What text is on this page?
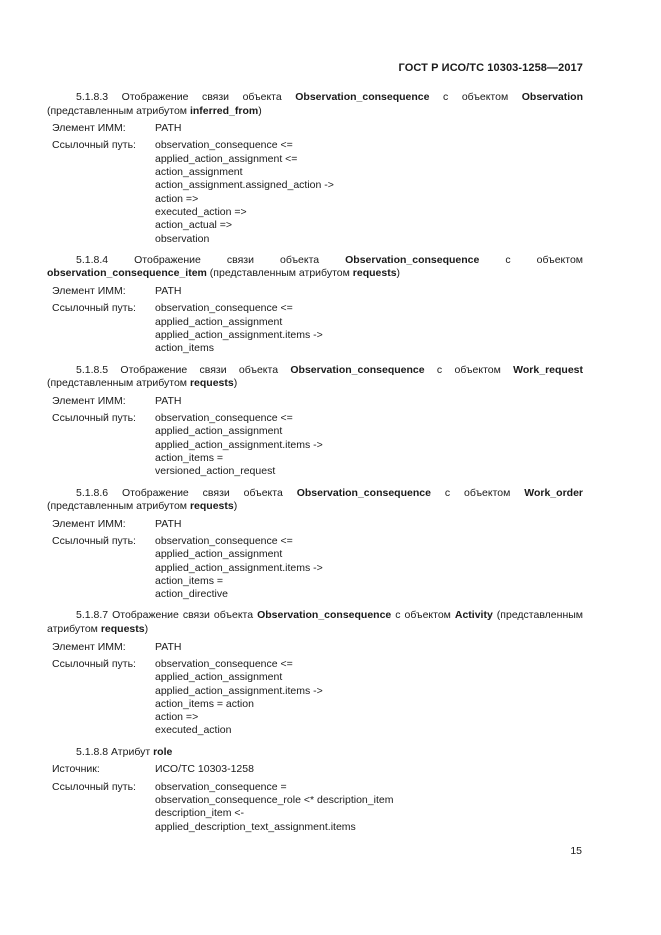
ГОСТ Р ИСО/ТС 10303-1258—2017
5.1.8.3 Отображение связи объекта Observation_consequence с объектом Observation (представленным атрибутом inferred_from)
Элемент ИММ:	PATH
Ссылочный путь:	observation_consequence <=
applied_action_assignment <=
action_assignment
action_assignment.assigned_action ->
action =>
executed_action =>
action_actual =>
observation
5.1.8.4 Отображение связи объекта Observation_consequence с объектом observation_consequence_item (представленным атрибутом requests)
Элемент ИММ:	PATH
Ссылочный путь:	observation_consequence <=
applied_action_assignment
applied_action_assignment.items ->
action_items
5.1.8.5 Отображение связи объекта Observation_consequence с объектом Work_request (представленным атрибутом requests)
Элемент ИММ:	PATH
Ссылочный путь:	observation_consequence <=
applied_action_assignment
applied_action_assignment.items ->
action_items =
versioned_action_request
5.1.8.6 Отображение связи объекта Observation_consequence с объектом Work_order (представленным атрибутом requests)
Элемент ИММ:	PATH
Ссылочный путь:	observation_consequence <=
applied_action_assignment
applied_action_assignment.items ->
action_items =
action_directive
5.1.8.7 Отображение связи объекта Observation_consequence с объектом Activity (представленным атрибутом requests)
Элемент ИММ:	PATH
Ссылочный путь:	observation_consequence <=
applied_action_assignment
applied_action_assignment.items ->
action_items = action
action =>
executed_action
5.1.8.8 Атрибут role
Источник:	ИСО/ТС 10303-1258
Ссылочный путь:	observation_consequence =
observation_consequence_role <* description_item
description_item <-
applied_description_text_assignment.items
15
